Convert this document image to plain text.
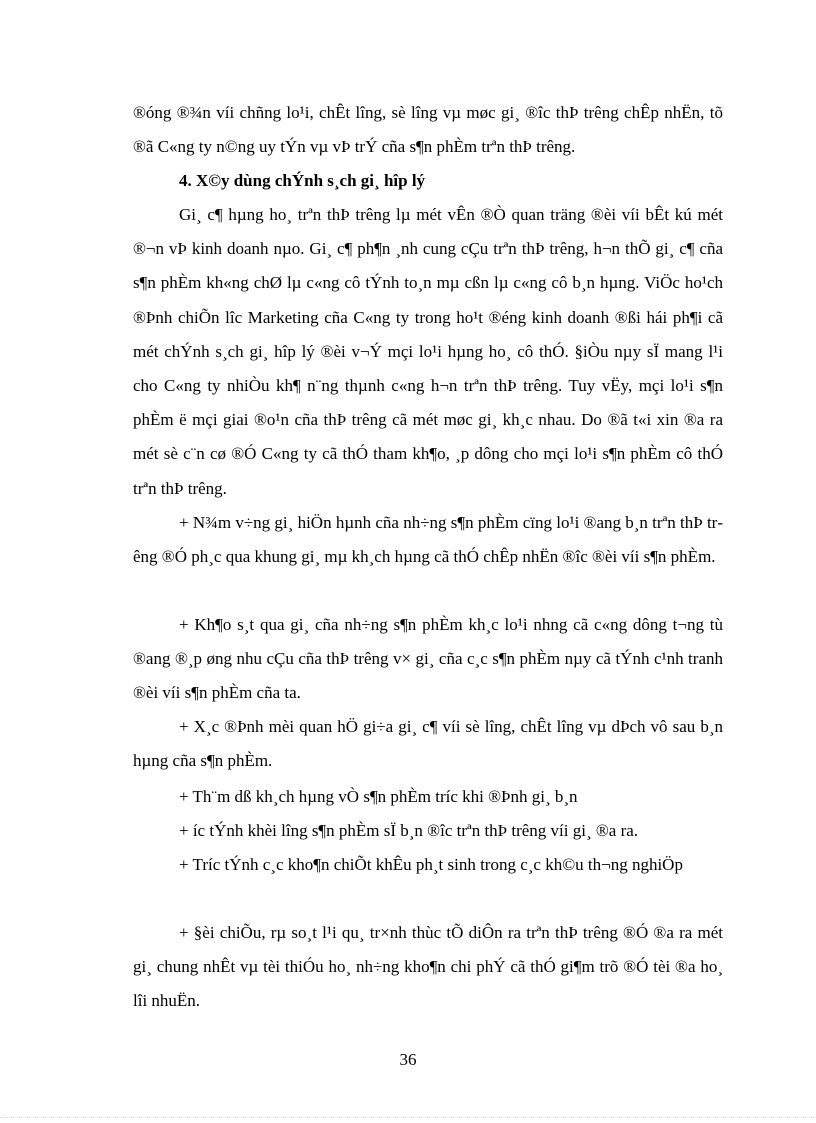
®óng ®¾n víi chñng lo¹i, chÊt lîng, sè lîng vµ møc gi¸ ®îc thÞ trêng chÊp nhËn, tõ ®ã C«ng ty n©ng uy tÝn vµ vÞ trÝ cña s¶n phÈm trªn thÞ trêng.

4. X©y dùng chÝnh s¸ch gi¸ hîp lý

Gi¸ c¶ hµng ho¸ trªn thÞ trêng lµ mét vÊn ®Ò quan träng ®èi víi bÊt kú mét ®¬n vÞ kinh doanh nµo. Gi¸ c¶ ph¶n ¸nh cung cÇu trªn thÞ trêng, h¬n thÕ gi¸ c¶ cña s¶n phÈm kh«ng chØ lµ c«ng cô tÝnh to¸n mµ cßn lµ c«ng cô b¸n hµng. ViÖc ho¹ch ®Þnh chiÕn lîc Marketing cña C«ng ty trong ho¹t ®éng kinh doanh ®ßi hái ph¶i cã mét chÝnh s¸ch gi¸ hîp lý ®èi v¬Ý mçi lo¹i hµng ho¸ cô thÓ. §iÒu nµy sÏ mang l¹i cho C«ng ty nhiÒu kh¶ n¨ng thµnh c«ng h¬n trªn thÞ trêng. Tuy vËy, mçi lo¹i s¶n phÈm ë mçi giai ®o¹n cña thÞ trêng cã mét møc gi¸ kh¸c nhau. Do ®ã t«i xin ®a ra mét sè c¨n cø ®Ó C«ng ty cã thÓ tham kh¶o, ¸p dông cho mçi lo¹i s¶n phÈm cô thÓ trªn thÞ trêng.

+ N¾m v÷ng gi¸ hiÖn hµnh cña nh÷ng s¶n phÈm cïng lo¹i ®ang b¸n trªn thÞ trêng ®Ó ph¸c qua khung gi¸ mµ kh¸ch hµng cã thÓ chÊp nhËn ®îc ®èi víi s¶n phÈm.

+ Kh¶o s¸t qua gi¸ cña nh÷ng s¶n phÈm kh¸c lo¹i nhng cã c«ng dông t¬ng tù ®ang ®¸p øng nhu cÇu cña thÞ trêng v× gi¸ cña c¸c s¶n phÈm nµy cã tÝnh c¹nh tranh ®èi víi s¶n phÈm cña ta.

+ X¸c ®Þnh mèi quan hÖ gi÷a gi¸ c¶ víi sè lîng, chÊt lîng vµ dÞch vô sau b¸n hµng cña s¶n phÈm.

+ Th¨m dß kh¸ch hµng vÒ s¶n phÈm tríc khi ®Þnh gi¸ b¸n

+ íc tÝnh khèi lîng s¶n phÈm sÏ b¸n ®îc trªn thÞ trêng víi gi¸ ®a ra.

+ Tríc tÝnh c¸c kho¶n chiÕt khÊu ph¸t sinh trong c¸c kh©u th¬ng nghiÖp

+ §èi chiÕu, rµ so¸t l¹i qu¸ tr×nh thùc tÕ diÔn ra trªn thÞ trêng ®Ó ®a ra mét gi¸ chung nhÊt vµ tèi thiÓu ho¸ nh÷ng kho¶n chi phÝ cã thÓ gi¶m trõ ®Ó tèi ®a ho¸ lîi nhuËn.

36
